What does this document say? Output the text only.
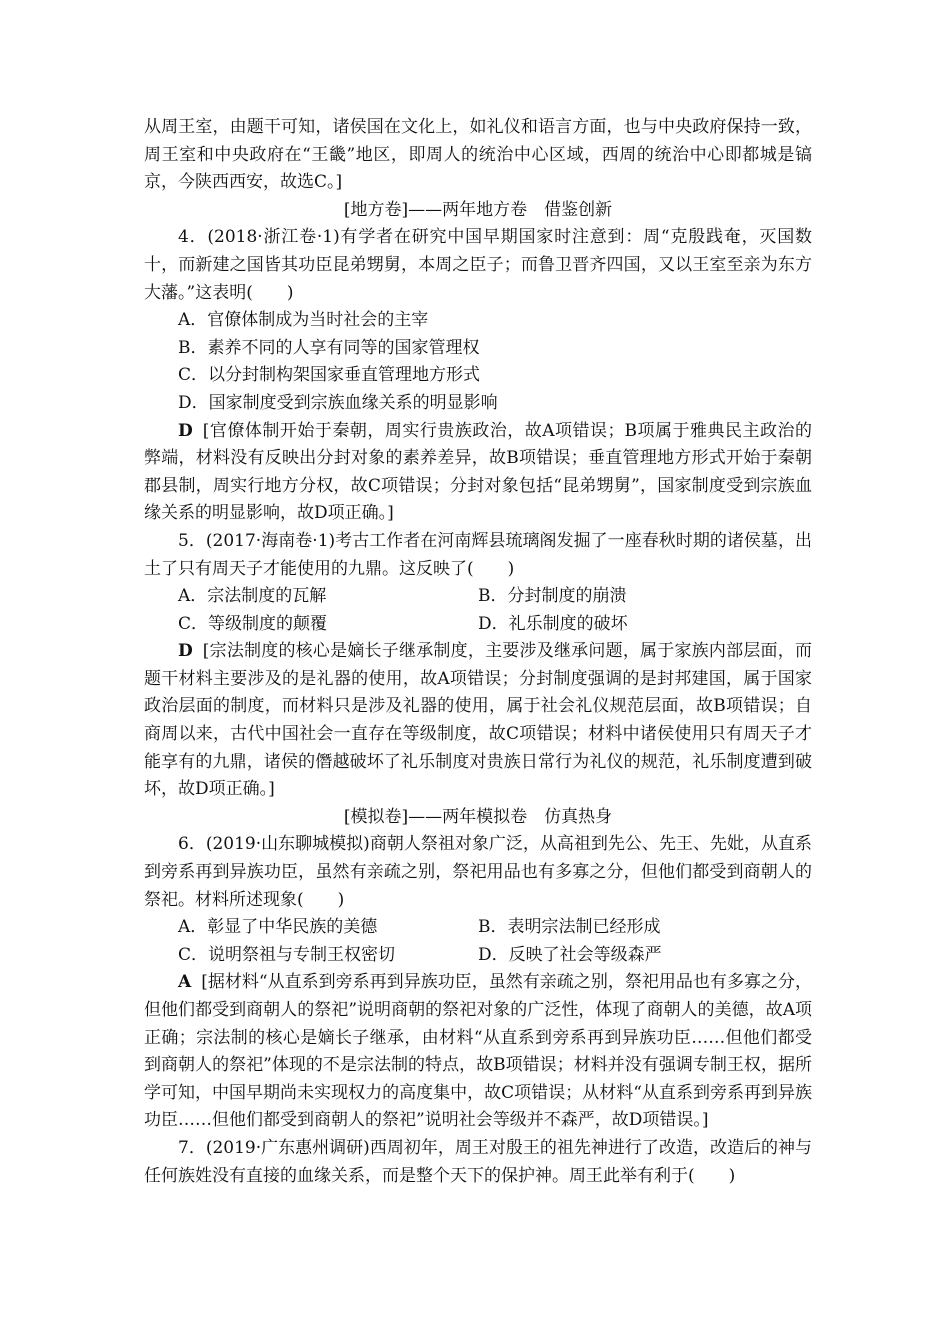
从周王室，由题干可知，诸侯国在文化上，如礼仪和语言方面，也与中央政府保持一致，周王室和中央政府在“王畿”地区，即周人的统治中心区域，西周的统治中心即都城是镐京，今陕西西安，故选C。]

[地方卷]——两年地方卷　借鉴创新

4．(2018·浙江卷·1)有学者在研究中国早期国家时注意到：周“克殷践奄，灭国数十，而新建之国皆其功臣昆弟甥舅，本周之臣子；而鲁卫晋齐四国，又以王室至亲为东方大藩。”这表明(　　)

A．官僚体制成为当时社会的主宰

B．素养不同的人享有同等的国家管理权

C．以分封制构架国家垂直管理地方形式

D．国家制度受到宗族血缘关系的明显影响

D [官僚体制开始于秦朝，周实行贵族政治，故A项错误；B项属于雅典民主政治的弊端，材料没有反映出分封对象的素养差异，故B项错误；垂直管理地方形式开始于秦朝郡县制，周实行地方分权，故C项错误；分封对象包括“昆弟甥舅”，国家制度受到宗族血缘关系的明显影响，故D项正确。]

5．(2017·海南卷·1)考古工作者在河南辉县琉璃阁发掘了一座春秋时期的诸侯墓，出土了只有周天子才能使用的九鼎。这反映了(　　)

A．宗法制度的瓦解	B．分封制度的崩溃
C．等级制度的颠覆	D．礼乐制度的破坏

D [宗法制度的核心是嫡长子继承制度，主要涉及继承问题，属于家族内部层面，而题干材料主要涉及的是礼器的使用，故A项错误；分封制度强调的是封邦建国，属于国家政治层面的制度，而材料只是涉及礼器的使用，属于社会礼仪规范层面，故B项错误；自商周以来，古代中国社会一直存在等级制度，故C项错误；材料中诸侯使用只有周天子才能享有的九鼎，诸侯的僭越破坏了礼乐制度对贵族日常行为礼仪的规范，礼乐制度遭到破坏，故D项正确。]

[模拟卷]——两年模拟卷　仿真热身

6．(2019·山东聊城模拟)商朝人祭祖对象广泛，从高祖到先公、先王、先妣，从直系到旁系再到异族功臣，虽然有亲疏之别，祭祀用品也有多寡之分，但他们都受到商朝人的祭祀。材料所述现象(　　)

A．彰显了中华民族的美德	B．表明宗法制已经形成
C．说明祭祖与专制王权密切	D．反映了社会等级森严

A [据材料“从直系到旁系再到异族功臣，虽然有亲疏之别，祭祀用品也有多寡之分，但他们都受到商朝人的祭祀”说明商朝的祭祀对象的广泛性，体现了商朝人的美德，故A项正确；宗法制的核心是嫡长子继承，由材料“从直系到旁系再到异族功臣……但他们都受到商朝人的祭祀”体现的不是宗法制的特点，故B项错误；材料并没有强调专制王权，据所学可知，中国早期尚未实现权力的高度集中，故C项错误；从材料“从直系到旁系再到异族功臣……但他们都受到商朝人的祭祀”说明社会等级并不森严，故D项错误。]

7．(2019·广东惠州调研)西周初年，周王对殷王的祖先神进行了改造，改造后的神与任何族姓没有直接的血缘关系，而是整个天下的保护神。周王此举有利于(　　)
